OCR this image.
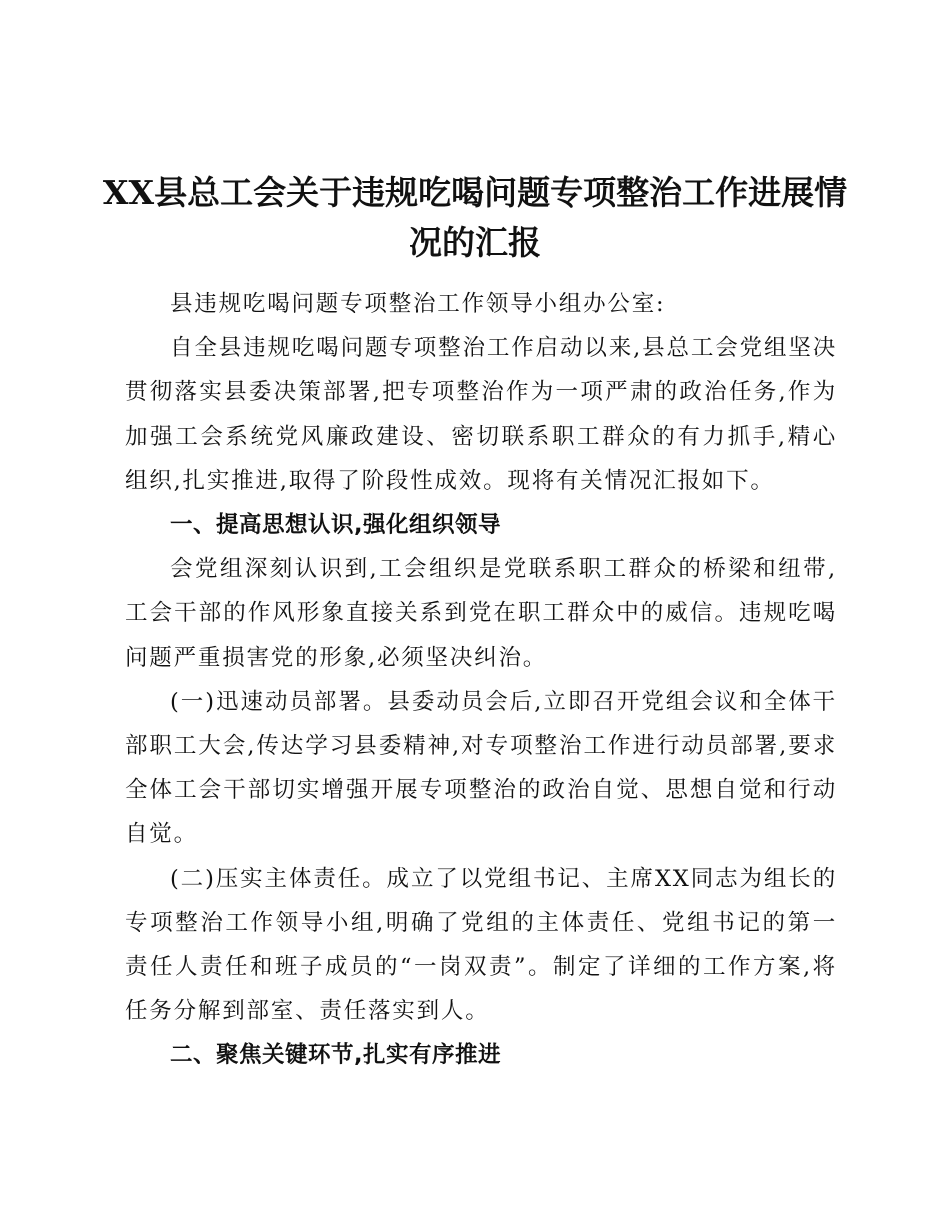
XX县总工会关于违规吃喝问题专项整治工作进展情况的汇报

县违规吃喝问题专项整治工作领导小组办公室:

自全县违规吃喝问题专项整治工作启动以来,县总工会党组坚决贯彻落实县委决策部署,把专项整治作为一项严肃的政治任务,作为加强工会系统党风廉政建设、密切联系职工群众的有力抓手,精心组织,扎实推进,取得了阶段性成效。现将有关情况汇报如下。

一、提高思想认识,强化组织领导

会党组深刻认识到,工会组织是党联系职工群众的桥梁和纽带,工会干部的作风形象直接关系到党在职工群众中的威信。违规吃喝问题严重损害党的形象,必须坚决纠治。

(一)迅速动员部署。县委动员会后,立即召开党组会议和全体干部职工大会,传达学习县委精神,对专项整治工作进行动员部署,要求全体工会干部切实增强开展专项整治的政治自觉、思想自觉和行动自觉。

(二)压实主体责任。成立了以党组书记、主席XX同志为组长的专项整治工作领导小组,明确了党组的主体责任、党组书记的第一责任人责任和班子成员的“一岗双责”。制定了详细的工作方案,将任务分解到部室、责任落实到人。

二、聚焦关键环节,扎实有序推进
